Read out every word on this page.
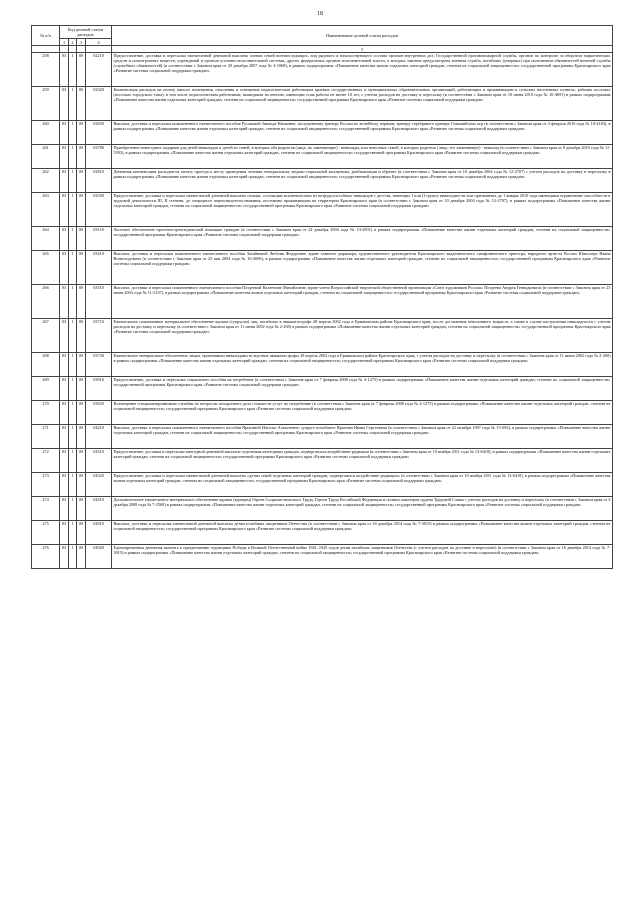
18
№ п/п	Код целевой статьи расходов				Наименование целевой статьи расходов
	1	2	3	4	
					5
258	03	1	00	02210	Предоставление, доставка и пересылка ежемесячной денежной выплаты членам семей военнослужащих, лиц рядового и начальствующего состава органов внутренних дел, Государственной противопожарной службы, органов по контролю за оборотом наркотических средств и психотропных веществ, учреждений и органов уголовно-исполнительной системы, других федеральных органов исполнительной власти, в которых законом предусмотрена военная служба, погибших (умерших) при исполнении обязанностей военной службы (служебных обязанностей) (в соответствии с Законом края от 20 декабря 2007 года № 4-1068), в рамках подпрограммы «Повышение качества жизни отдельных категорий граждан, степени их социальной защищенности» государственной программы Красноярского края «Развитие системы социальной поддержки граждан»
259	03	1	00	02320	Компенсация расходов на оплату жилого помещения, отопления и освещения педагогическим работникам краевых государственных и муниципальных образовательных организаций, работающим и проживающим в сельских населенных пунктах, рабочих поселках (поселках городского типа), в том числе педагогическим работникам, вышедшим на пенсию, имеющим стаж работы не менее 10 лет, с учетом расходов на доставку и пересылку (в соответствии с Законом края от 10 июня 2010 года № 10-4691) в рамках подпрограммы «Повышение качества жизни отдельных категорий граждан, степени их социальной защищенности» государственной программы Красноярского края «Развитие системы социальной поддержки граждан»
260	03	1	00	02650	Выплата, доставка и пересылка пожизненного ежемесячного пособия Русаковой Зинаиде Нилковне, заслуженному тренеру России по волейболу, первому тренеру серебряного призера Олимпийских игр (в соответствии с Законом края от 4 февраля 2016 года № 10-4183), в рамках подпрограммы «Повышение качества жизни отдельных категорий граждан, степени их социальной защищенности» государственной программы Красноярского края «Развитие системы социальной поддержки граждан»
261	03	1	00	02780	Приобретение новогодних подарков для детей-инвалидов и детей из семей, в которых оба родителя (лица, их заменяющие) - инвалиды, или неполных семей, в которых родитель (лицо, его заменяющее) - инвалид (в соответствии с Законом края от 9 декабря 2010 года № 11-5393), в рамках подпрограммы «Повышение качества жизни отдельных категорий граждан, степени их социальной защищенности» государственной программы Красноярского края «Развитие системы социальной поддержки граждан»
262	03	1	00	02810	Денежная компенсация расходов на оплату проезда к месту проведения лечения гемодиализом, медико-социальной экспертизы, реабилитации и обратно (в соответствии с Законом края от 10 декабря 2004 года № 12-2707) с учетом расходов на доставку и пересылку в рамках подпрограммы «Повышение качества жизни отдельных категорий граждан, степени их социальной защищенности» государственной программы Красноярского края «Развитие системы социальной поддержки граждан»
263	03	1	00	02550	Предоставление, доставка и пересылка ежемесячной денежной выплаты семьям, состоящим исключительно из нетрудоспособных инвалидов с детства, имеющих I или II группу инвалидности или признанных до 1 января 2010 года имеющими ограничение способности к трудовой деятельности III, II степени, до очередного переосвидетельствования, постоянно проживающим на территории Красноярского края (в соответствии с Законом края от 10 декабря 2004 года № 12-2707), в рамках подпрограммы «Повышение качества жизни отдельных категорий граждан, степени их социальной защищенности» государственной программы Красноярского края «Развитие системы социальной поддержки граждан»
264	03	1	00	03110	Льготное обеспечение протезно-ортопедической помощью граждан (в соответствии с Законом края от 24 декабря 2004 года № 13-2831) в рамках подпрограммы «Повышение качества жизни отдельных категорий граждан, степени их социальной защищенности» государственной программы Красноярского края «Развитие системы социальной поддержки граждан»
265	03	1	00	03410	Выплата, доставка и пересылка пожизненного ежемесячного пособия Затайновой Любови Федоровне, вдове главного дирижера, художественного руководителя Красноярского академического симфонического оркестра, народного артиста России Шпиллера Ивана Всеволодовича (в соответствии с Законом края от 25 мая 2004 года № 10-2006), в рамках подпрограммы «Повышение качества жизни отдельных категорий граждан, степени их социальной защищенности» государственной программы Красноярского края «Развитие системы социальной поддержки граждан»
266	03	1	00	03510	Выплата, доставка и пересылка пожизненного ежемесячного пособия Поздеевой Валентине Михайловне, вдове члена Всероссийской творческой общественной организации «Союз художников России» Поздеева Андрея Геннадьевича (в соответствии с Законом края от 25 июня 2004 года № 11-2107), в рамках подпрограммы «Повышение качества жизни отдельных категорий граждан, степени их социальной защищенности» государственной программы Красноярского края «Развитие системы социальной поддержки граждан»
267	03	1	00	03710	Ежемесячное пожизненное материальное обеспечение вдовам (супругам) лиц, погибших в авиакатастрофе 28 апреля 2002 года в Ермаковском районе Красноярского края, после достижения пенсионного возраста, а также в случае наступления инвалидности с учетом расходов на доставку и пересылку (в соответствии с Законом края от 11 июня 2002 года № 2-260) в рамках подпрограммы «Повышение качества жизни отдельных категорий граждан, степени их социальной защищенности» государственной программы Красноярского края «Развитие системы социальной поддержки граждан»
268	03	1	00	03730	Ежемесячное материальное обеспечение лицам, признанным инвалидами вследствие авиакатастрофы 28 апреля 2002 года в Ермаковском районе Красноярского края, с учетом расходов на доставку и пересылку (в соответствии с Законом края от 11 июня 2002 года № 2-260) в рамках подпрограммы «Повышение качества жизни отдельных категорий граждан, степени их социальной защищенности» государственной программы Красноярского края «Развитие системы социальной поддержки граждан»
269	03	1	00	03910	Предоставление, доставка и пересылка социального пособия на погребение (в соответствии с Законом края от 7 февраля 2008 года № 4-1275) в рамках подпрограммы «Повышение качества жизни отдельных категорий граждан, степени их социальной защищенности» государственной программы Красноярского края «Развитие системы социальной поддержки граждан»
270	03	1	00	03920	Возмещение специализированным службам по вопросам похоронного дела стоимости услуг по погребению (в соответствии с Законом края от 7 февраля 2008 года № 4-1275) в рамках подпрограммы «Повышение качества жизни отдельных категорий граждан, степени их социальной защищенности» государственной программы Красноярского края «Развитие системы социальной поддержки граждан»
271	03	1	00	04210	Выплата, доставка и пересылка пожизненного ежемесячного пособия Ярыгиной Наталье Алексеевне, супруге погибшего Ярыгина Ивана Сергеевича (в соответствии с Законом края от 22 октября 1997 года № 15-692), в рамках подпрограммы «Повышение качества жизни отдельных категорий граждан, степени их социальной защищенности» государственной программы Красноярского края «Развитие системы социальной поддержки граждан»
272	03	1	00	04310	Предоставление, доставка и пересылка ежегодной денежной выплаты отдельным категориям граждан, подвергшихся воздействию радиации (в соответствии с Законом края от 10 ноября 2011 года № 13-6418), в рамках подпрограммы «Повышение качества жизни отдельных категорий граждан, степени их социальной защищенности» государственной программы Красноярского края «Развитие системы социальной поддержки граждан»
273	03	1	00	04320	Предоставление, доставка и пересылка ежемесячной денежной выплаты «детям семей отдельных категорий граждан, подвергшихся воздействию радиации» (в соответствии с Законом края от 10 ноября 2011 года № 13-6418), в рамках подпрограммы «Повышение качества жизни отдельных категорий граждан, степени их социальной защищенности» государственной программы Красноярского края «Развитие системы социальной поддержки граждан»
274	03	1	00	04410	Дополнительное ежемесячное материальное обеспечение вдовам (вдовцам) Героев Социалистического Труда, Героев Труда Российской Федерации и полных кавалеров ордена Трудовой Славы с учетом расходов на доставку и пересылку (в соответствии с Законом края от 4 декабря 2008 года № 7-2568) в рамках подпрограммы «Повышение качества жизни отдельных категорий граждан, степени их социальной защищенности» государственной программы Красноярского края «Развитие системы социальной поддержки граждан»
275	03	1	00	04910	Выплата, доставка и пересылка ежемесячной денежной выплаты детям погибших защитников Отечества (в соответствии с Законом края от 16 декабря 2014 года № 7-3015) в рамках подпрограммы «Повышение качества жизни отдельных категорий граждан, степени их социальной защищенности» государственной программы Красноярского края «Развитие системы социальной поддержки граждан»
276	03	1	00	04920	Единовременная денежная выплата к празднованию годовщины Победы в Великой Отечественной войне 1941–1945 годов детям погибших защитников Отечества (с учетом расходов по доставке и пересылке) (в соответствии с Законом края от 16 декабря 2014 года № 7-3015) в рамках подпрограммы «Повышение качества жизни отдельных категорий граждан, степени их социальной защищенности» государственной программы Красноярского края «Развитие системы социальной поддержки граждан»
